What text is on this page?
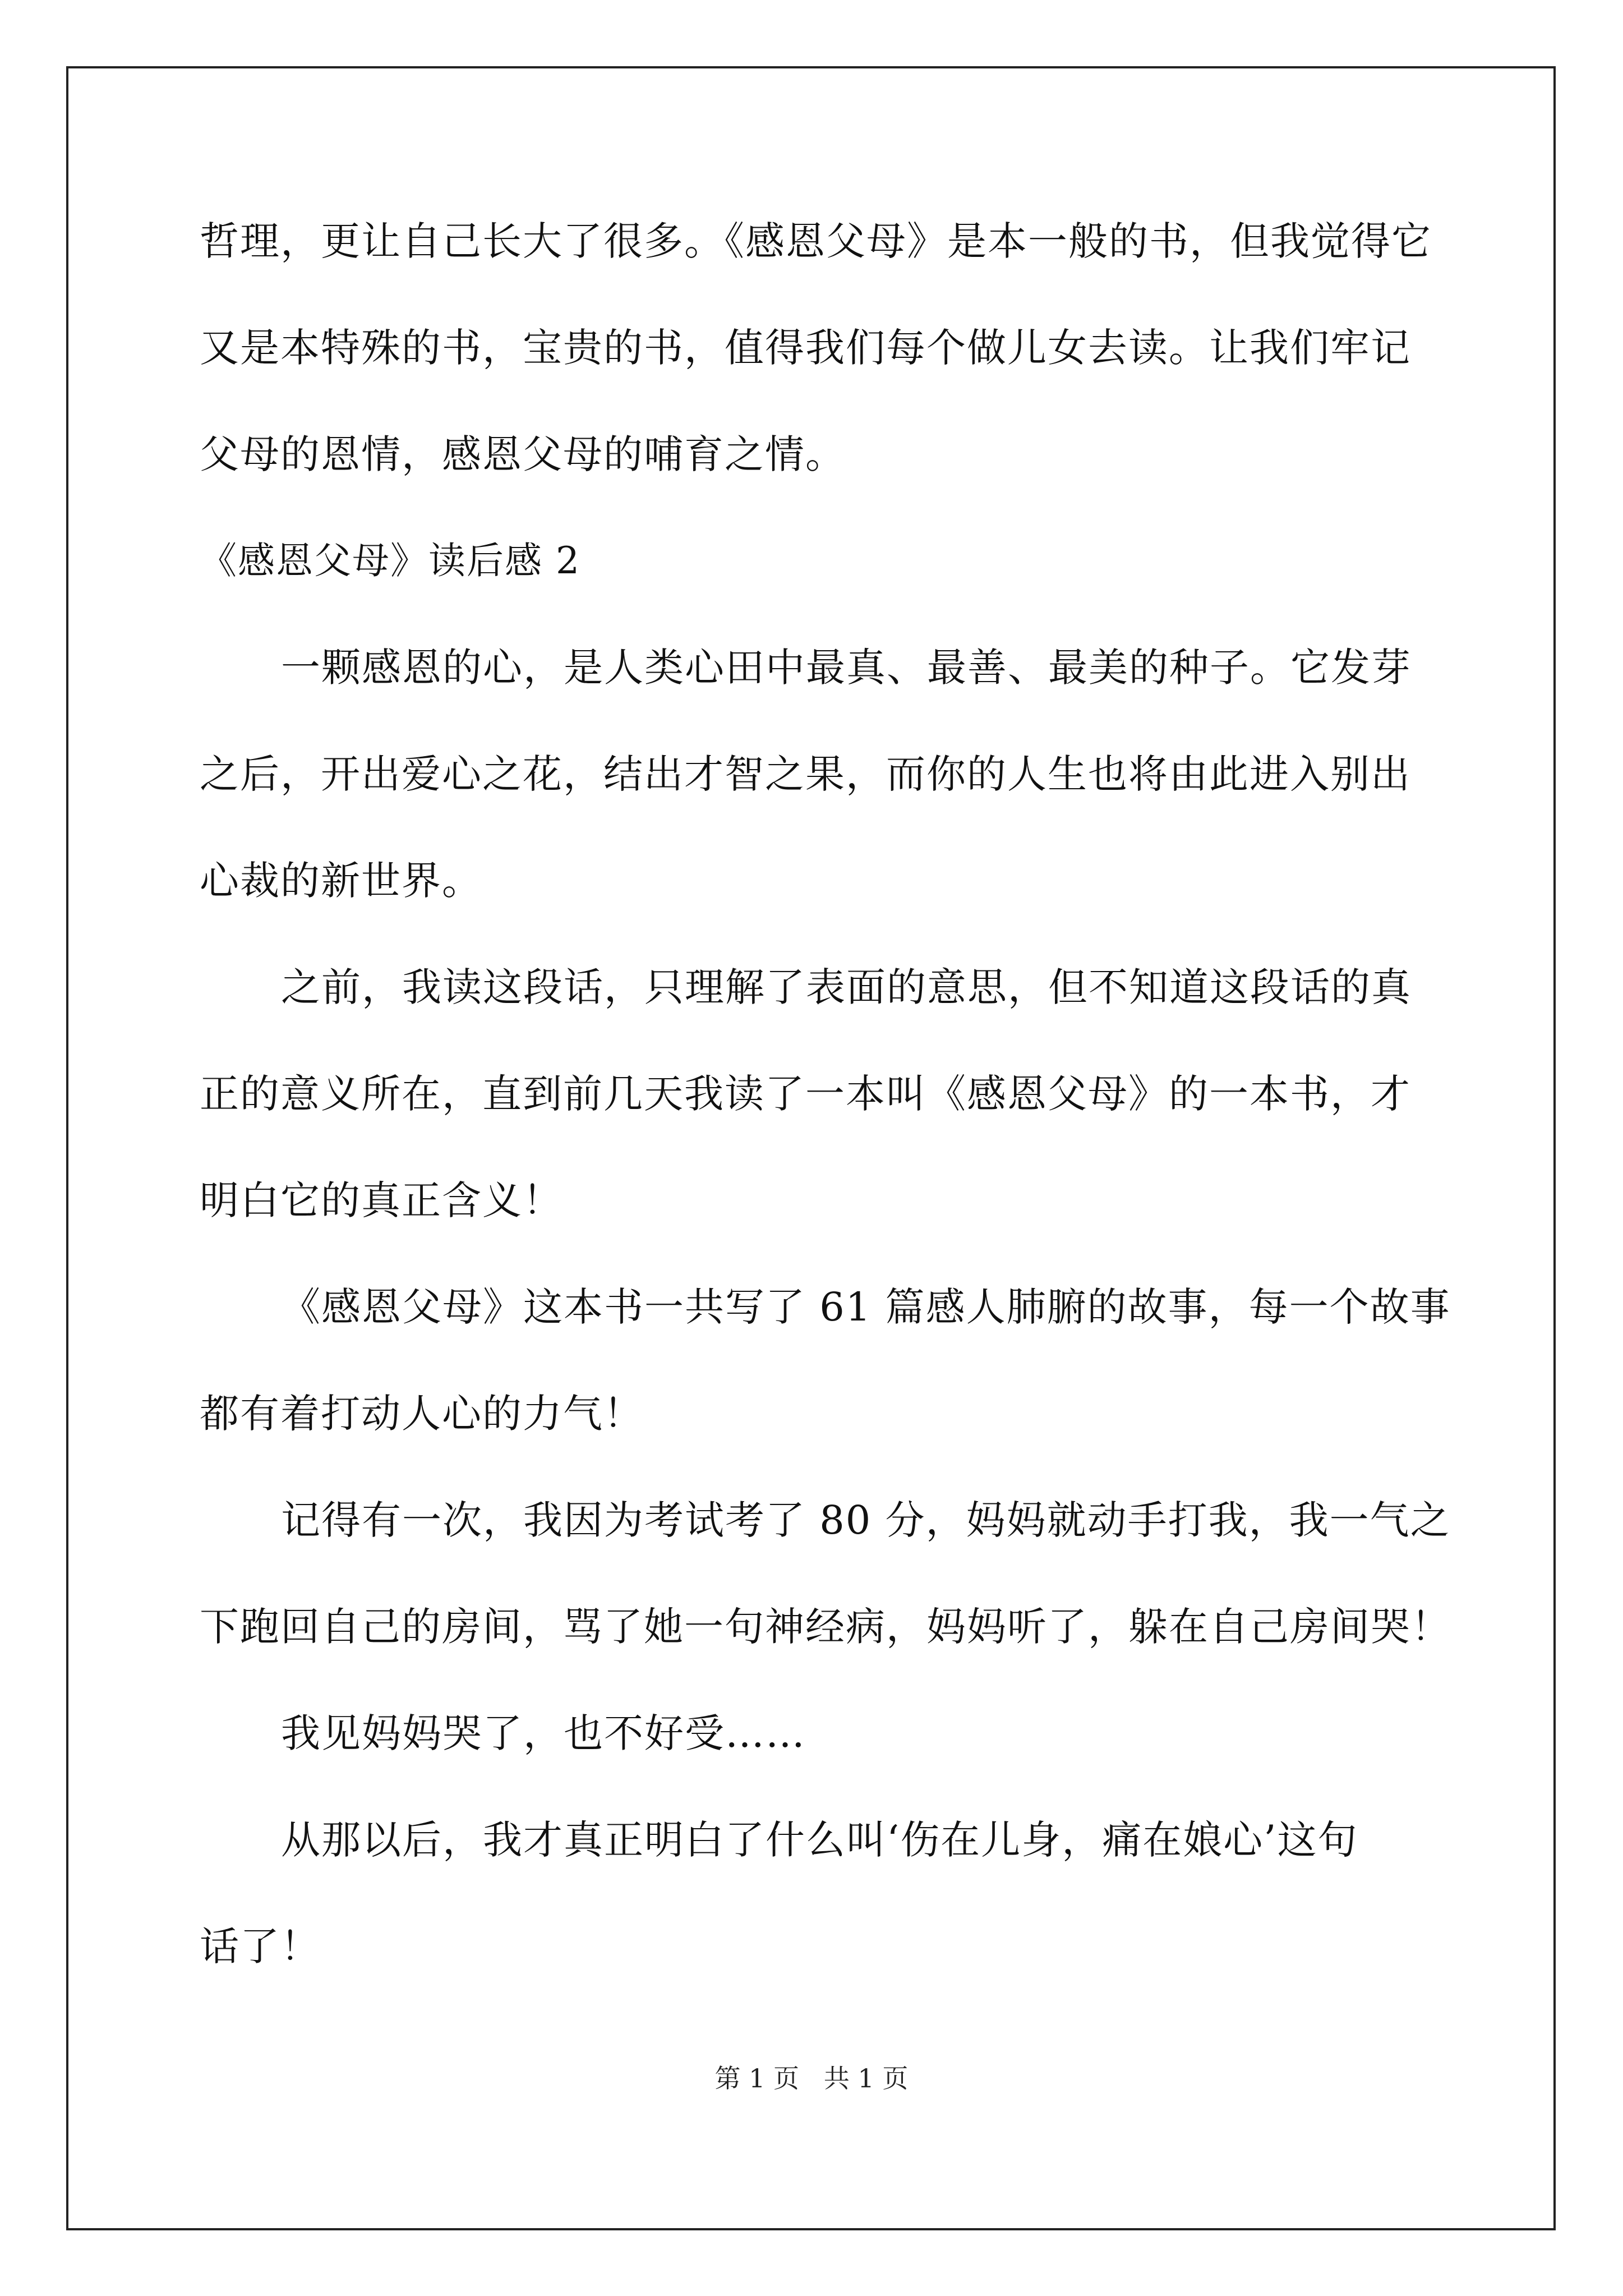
哲理，更让自己长大了很多。《感恩父母》是本一般的书，但我觉得它
又是本特殊的书，宝贵的书，值得我们每个做儿女去读。让我们牢记
父母的恩情，感恩父母的哺育之情。
《感恩父母》读后感 2
一颗感恩的心，是人类心田中最真、最善、最美的种子。它发芽
之后，开出爱心之花，结出才智之果，而你的人生也将由此进入别出
心裁的新世界。
之前，我读这段话，只理解了表面的意思，但不知道这段话的真
正的意义所在，直到前几天我读了一本叫《感恩父母》的一本书，才
明白它的真正含义！
《感恩父母》这本书一共写了 61 篇感人肺腑的故事，每一个故事
都有着打动人心的力气！
记得有一次，我因为考试考了 80 分，妈妈就动手打我，我一气之
下跑回自己的房间，骂了她一句神经病，妈妈听了，躲在自己房间哭！
我见妈妈哭了，也不好受……
从那以后，我才真正明白了什么叫‘伤在儿身，痛在娘心’这句
话了！
第 1 页   共 1 页
